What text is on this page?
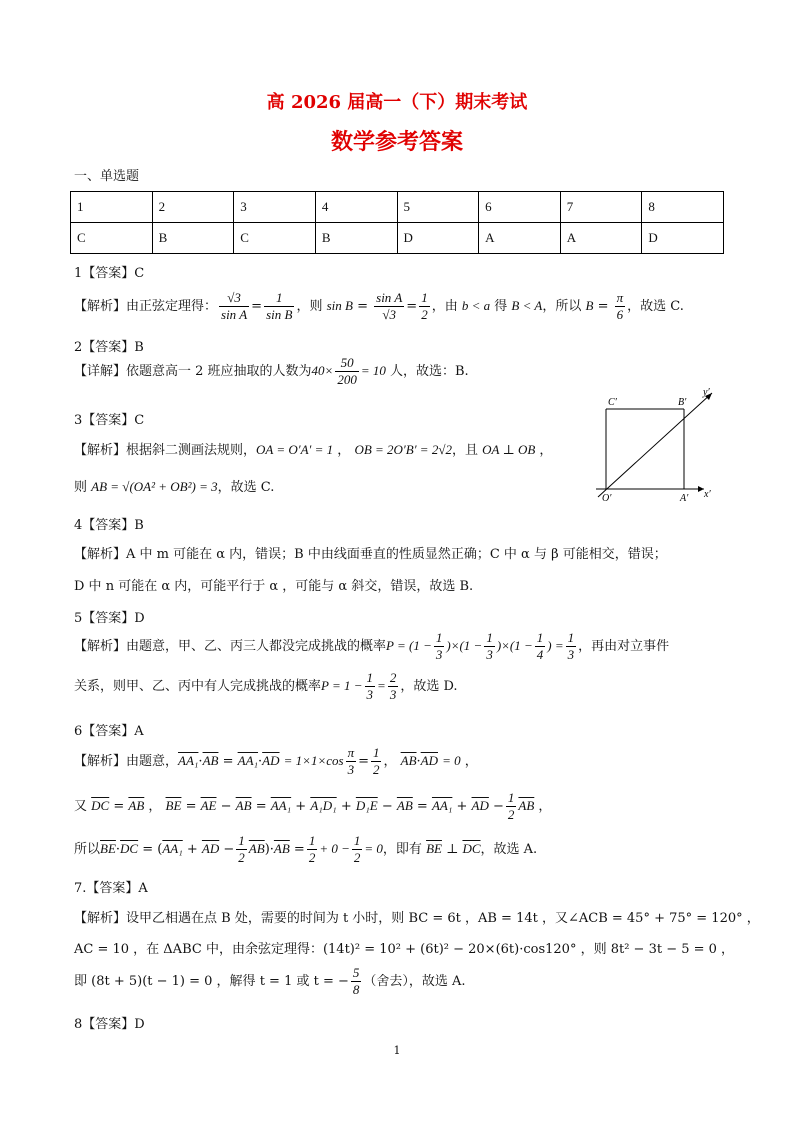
高 2026 届高一（下）期末考试
数学参考答案
一、单选题
1	2	3	4	5	6	7	8
C	B	C	B	D	A	A	D
1【答案】C
【解析】由正弦定理得： $\frac{√3}{\text{sin A}} = \frac{1}{\text{sin B}}$ ，则 $\sin B = \frac{\text{sin A}}{√3} = \frac{1}{2}$ ，由 b < a 得 B < A，所以 $B = \frac{\pi}{6}$ ，故选 C.
2【答案】B
【详解】依题意高一 2 班应抽取的人数为$40\times \frac{50}{200} = 10$ 人，故选：B.
3【答案】C
【解析】根据斜二测画法规则，OA = O′A′ = 1 ， OB = 2O′B′ = 2√2，且 OA ⊥ OB ，
则 AB = √(OA² + OB²) = 3，故选 C.
C′	B′
y′
O′	A′ x′
4【答案】B
【解析】A 中 m 可能在 α 内，错误；B 中由线面垂直的性质显然正确；C 中 α 与 β 可能相交，错误；
D 中 n 可能在 α 内，可能平行于 α ，可能与 α 斜交，错误，故选 B.
5【答案】D
【解析】由题意，甲、乙、丙三人都没完成挑战的概率$P = (1 - \frac{1}{3} )\times(1 - \frac{1}{3} )\times(1 - \frac{1}{4}$ ) = $\frac{1}{3}$ ，再由对立事件
关系，则甲、乙、丙中有人完成挑战的概率$P = 1 - \frac{1}{3} = \frac{2}{3}$ ，故选 D.
6【答案】A
【解析】由题意，$AA_1\cdot\overline{AB} = AA_1\cdot\overline{AD} = 1\times 1\times\cos \frac{\pi}{3} = \frac{1}{2}$ ， $\overline{AB}\cdot\overline{AD} = 0$ ，
又 $\overline{DC} = \overline{AB}$ ， $\overline{BE} = \overline{AE} - \overline{AB} = AA_1 + A_1D_1 + D_1E - \overline{AB} = AA_1 + \overline{AD} - \frac{1}{2} \overline{AB}$ ，
所以$\overline{BE}\cdot\overline{DC} = (AA_1 + \overline{AD} - \frac{1}{2} \overline{AB})\cdot\overline{AB} = \frac{1}{2} + 0 - \frac{1}{2} = 0$，即有 $\overline{BE}$ ⊥ $\overline{DC}$，故选 A.
7.【答案】A
【解析】设甲乙相遇在点 B 处，需要的时间为 t 小时，则 BC = 6t ，AB = 14t ，又∠ACB = 45° + 75° = 120° ，
AC = 10 ，在 ΔABC 中，由余弦定理得：(14t)² = 10² + (6t)² − 20×(6t)·cos120° ，则 8t² − 3t − 5 = 0 ，
即 (8t + 5)(t − 1) = 0 ，解得 t = 1 或 t = − $\frac{5}{8}$ （舍去），故选 A.
8【答案】D
1
